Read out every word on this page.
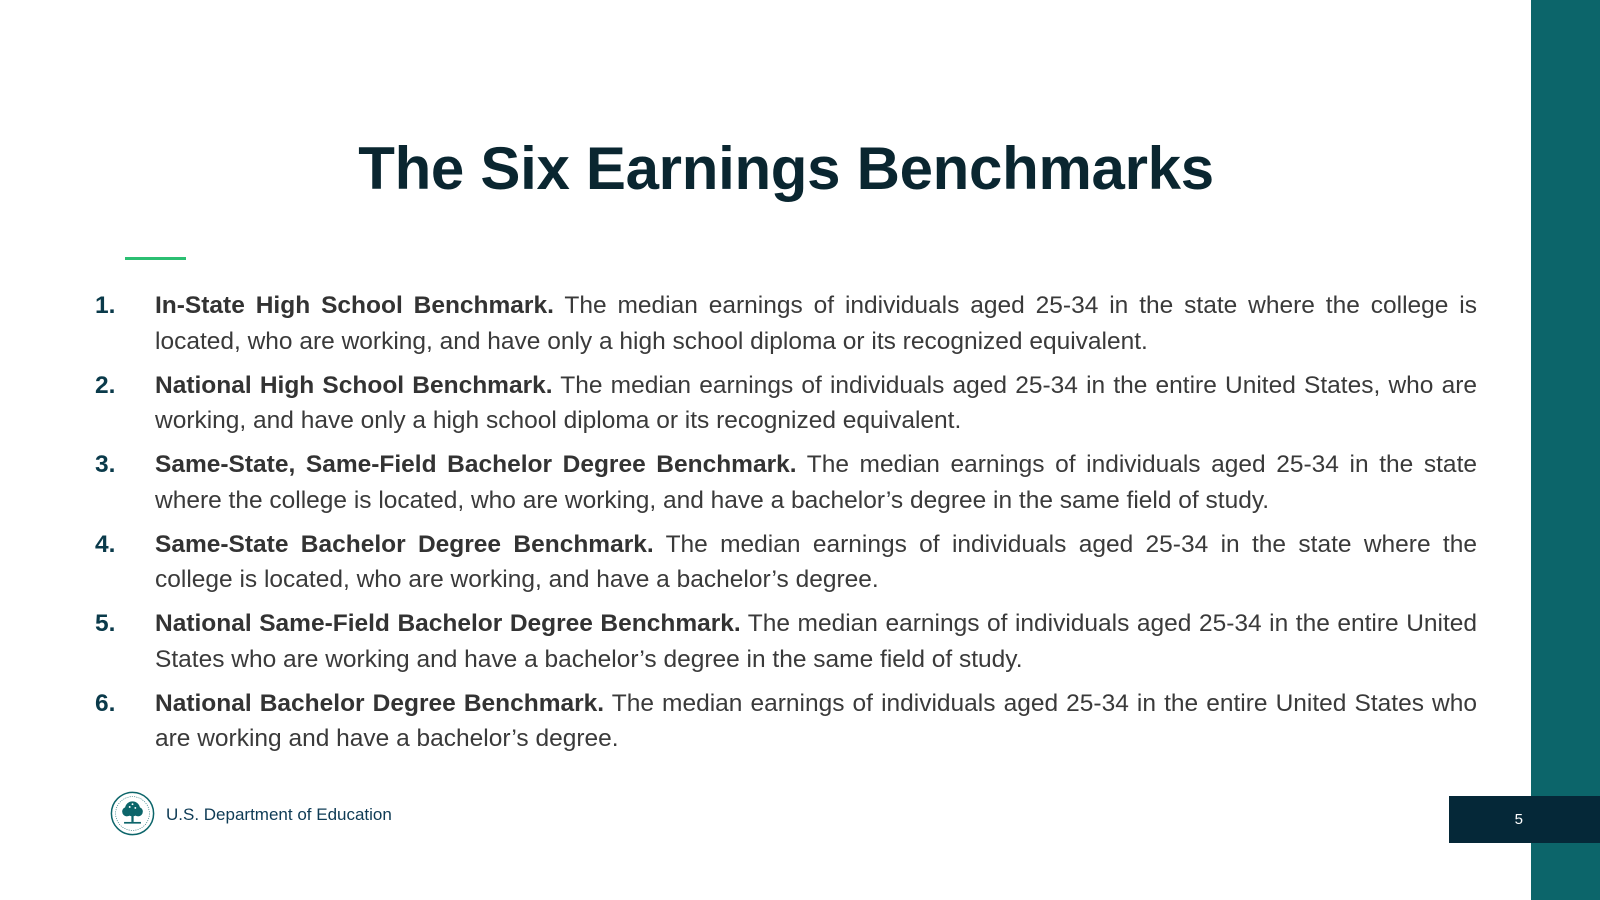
The Six Earnings Benchmarks
1.	In-State High School Benchmark. The median earnings of individuals aged 25-34 in the state where the college is located, who are working, and have only a high school diploma or its recognized equivalent.
2.	National High School Benchmark. The median earnings of individuals aged 25-34 in the entire United States, who are working, and have only a high school diploma or its recognized equivalent.
3.	Same-State, Same-Field Bachelor Degree Benchmark. The median earnings of individuals aged 25-34 in the state where the college is located, who are working, and have a bachelor’s degree in the same field of study.
4.	Same-State Bachelor Degree Benchmark. The median earnings of individuals aged 25-34 in the state where the college is located, who are working, and have a bachelor’s degree.
5.	National Same-Field Bachelor Degree Benchmark. The median earnings of individuals aged 25-34 in the entire United States who are working and have a bachelor’s degree in the same field of study.
6.	National Bachelor Degree Benchmark. The median earnings of individuals aged 25-34 in the entire United States who are working and have a bachelor’s degree.
U.S. Department of Education	5
